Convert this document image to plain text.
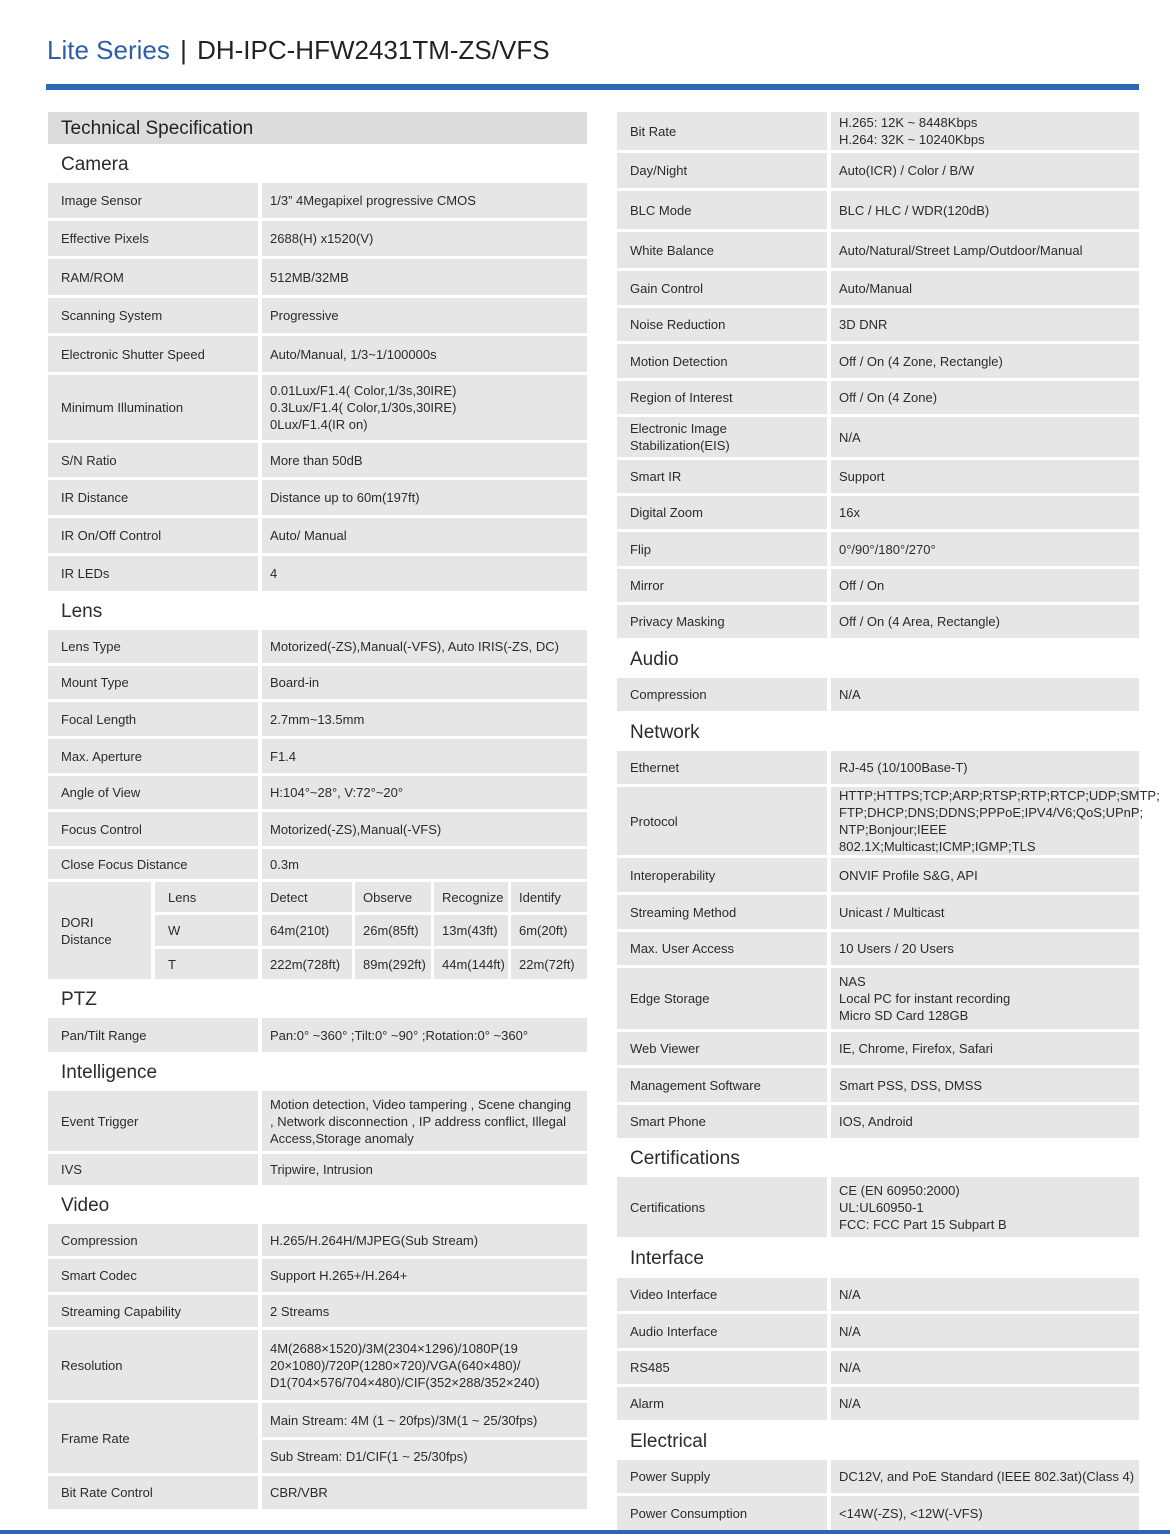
Lite Series | DH-IPC-HFW2431TM-ZS/VFS
Technical Specification					
Camera					
Image Sensor		1/3” 4Megapixel progressive CMOS			
Effective Pixels		2688(H) x1520(V)			
RAM/ROM		512MB/32MB			
Scanning System		Progressive			
Electronic Shutter Speed		Auto/Manual, 1/3~1/100000s			
Minimum Illumination		0.01Lux/F1.4( Color,1/3s,30IRE)
0.3Lux/F1.4( Color,1/30s,30IRE)
0Lux/F1.4(IR on)			
S/N Ratio		More than 50dB			
IR Distance		Distance up to 60m(197ft)			
IR On/Off Control		Auto/ Manual			
IR LEDs		4			
Lens					
Lens Type		Motorized(-ZS),Manual(-VFS), Auto IRIS(-ZS, DC)			
Mount Type		Board-in			
Focal Length		2.7mm~13.5mm			
Max. Aperture		F1.4			
Angle of View		H:104°~28°, V:72°~20°			
Focus Control		Motorized(-ZS),Manual(-VFS)			
Close Focus Distance		0.3m			
DORI Distance	Lens	Detect	Observe	Recognize	Identify
	W	64m(210t)	26m(85ft)	13m(43ft)	6m(20ft)
	T	222m(728ft)	89m(292ft)	44m(144ft)	22m(72ft)
PTZ					
Pan/Tilt Range		Pan:0° ~360° ;Tilt:0° ~90° ;Rotation:0° ~360°			
Intelligence					
Event Trigger		Motion detection, Video tampering , Scene changing
, Network disconnection , IP address conflict, Illegal
Access,Storage anomaly			
IVS		Tripwire, Intrusion			
Video					
Compression		H.265/H.264H/MJPEG(Sub Stream)			
Smart Codec		Support H.265+/H.264+			
Streaming Capability		2 Streams			
Resolution		4M(2688×1520)/3M(2304×1296)/1080P(19
20×1080)/720P(1280×720)/VGA(640×480)/
D1(704×576/704×480)/CIF(352×288/352×240)			
Frame Rate		Main Stream: 4M (1 ~ 20fps)/3M(1 ~ 25/30fps)			
		Sub Stream: D1/CIF(1 ~ 25/30fps)			
Bit Rate Control		CBR/VBR			
Bit Rate	H.265: 12K ~ 8448Kbps
H.264: 32K ~ 10240Kbps
Day/Night	Auto(ICR) / Color / B/W
BLC Mode	BLC / HLC / WDR(120dB)
White Balance	Auto/Natural/Street Lamp/Outdoor/Manual
Gain Control	Auto/Manual
Noise Reduction	3D DNR
Motion Detection	Off / On (4 Zone, Rectangle)
Region of Interest	Off / On (4 Zone)
Electronic Image
Stabilization(EIS)	N/A
Smart IR	Support
Digital Zoom	16x
Flip	0°/90°/180°/270°
Mirror	Off / On
Privacy Masking	Off / On (4 Area, Rectangle)
Audio	
Compression	N/A
Network	
Ethernet	RJ-45 (10/100Base-T)
Protocol	HTTP;HTTPS;TCP;ARP;RTSP;RTP;RTCP;UDP;SMTP;
FTP;DHCP;DNS;DDNS;PPPoE;IPV4/V6;QoS;UPnP;
NTP;Bonjour;IEEE 802.1X;Multicast;ICMP;IGMP;TLS
Interoperability	ONVIF Profile S&G, API
Streaming Method	Unicast / Multicast
Max. User Access	10 Users / 20 Users
Edge Storage	NAS
Local PC for instant recording
Micro SD Card 128GB
Web Viewer	IE, Chrome, Firefox, Safari
Management Software	Smart PSS, DSS, DMSS
Smart Phone	IOS, Android
Certifications	
Certifications	CE (EN 60950:2000)
UL:UL60950-1
FCC: FCC Part 15 Subpart B
Interface	
Video Interface	N/A
Audio Interface	N/A
RS485	N/A
Alarm	N/A
Electrical	
Power Supply	DC12V, and PoE Standard (IEEE 802.3at)(Class 4)
Power Consumption	<14W(-ZS), <12W(-VFS)
